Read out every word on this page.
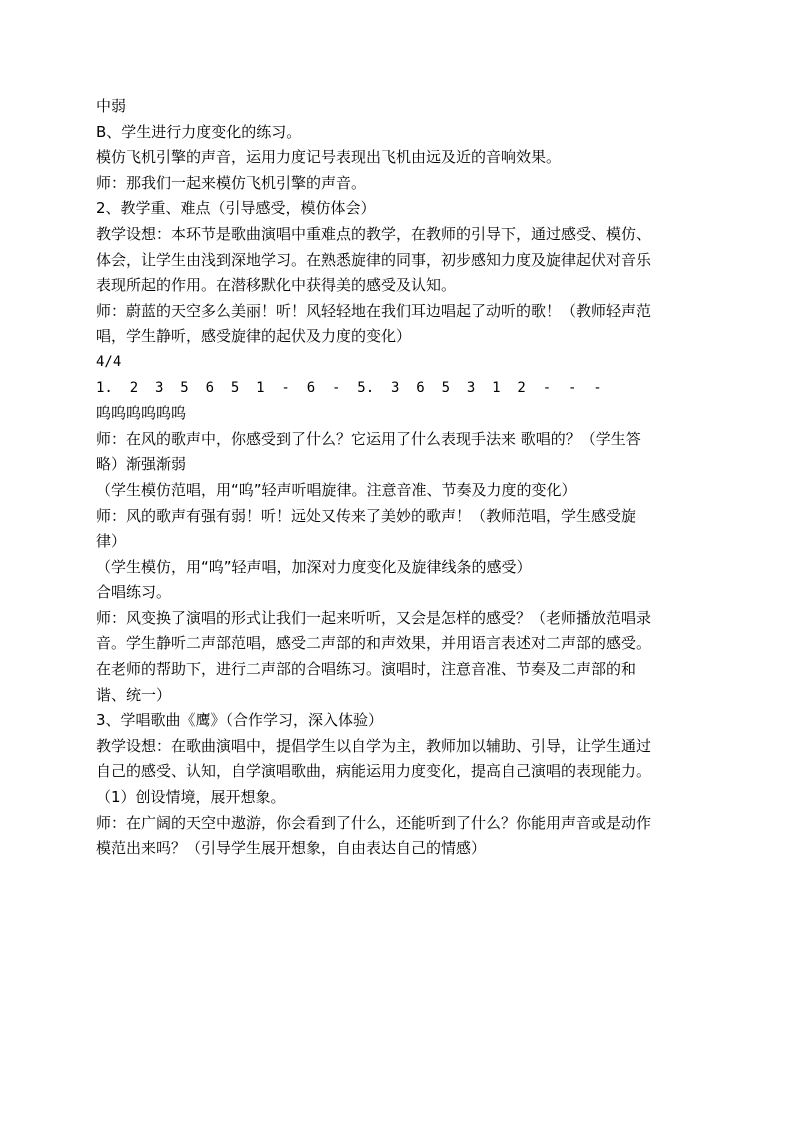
中弱

B、学生进行力度变化的练习。

模仿飞机引擎的声音，运用力度记号表现出飞机由远及近的音响效果。

师：那我们一起来模仿飞机引擎的声音。

2、教学重、难点（引导感受，模仿体会）

教学设想：本环节是歌曲演唱中重难点的教学，在教师的引导下，通过感受、模仿、

体会，让学生由浅到深地学习。在熟悉旋律的同事，初步感知力度及旋律起伏对音乐

表现所起的作用。在潜移默化中获得美的感受及认知。

师：蔚蓝的天空多么美丽！听！风轻轻地在我们耳边唱起了动听的歌！（教师轻声范

唱，学生静听，感受旋律的起伏及力度的变化）

4/4

1.  2  3  5  6  5  1  -  6  -  5.  3  6  5  3  1  2  -  -  -

呜呜呜呜呜呜

师：在风的歌声中，你感受到了什么？它运用了什么表现手法来 歌唱的？（学生答

略）渐强渐弱

（学生模仿范唱，用“呜”轻声听唱旋律。注意音准、节奏及力度的变化）

师：风的歌声有强有弱！听！远处又传来了美妙的歌声！（教师范唱，学生感受旋

律）

（学生模仿，用“呜”轻声唱，加深对力度变化及旋律线条的感受）

合唱练习。

师：风变换了演唱的形式让我们一起来听听，又会是怎样的感受？（老师播放范唱录

音。学生静听二声部范唱，感受二声部的和声效果，并用语言表述对二声部的感受。

在老师的帮助下，进行二声部的合唱练习。演唱时，注意音准、节奏及二声部的和

谐、统一）

3、学唱歌曲《鹰》（合作学习，深入体验）

教学设想：在歌曲演唱中，提倡学生以自学为主，教师加以辅助、引导，让学生通过

自己的感受、认知，自学演唱歌曲，病能运用力度变化，提高自己演唱的表现能力。

（1）创设情境，展开想象。

师：在广阔的天空中遨游，你会看到了什么，还能听到了什么？你能用声音或是动作

模范出来吗？（引导学生展开想象，自由表达自己的情感）
